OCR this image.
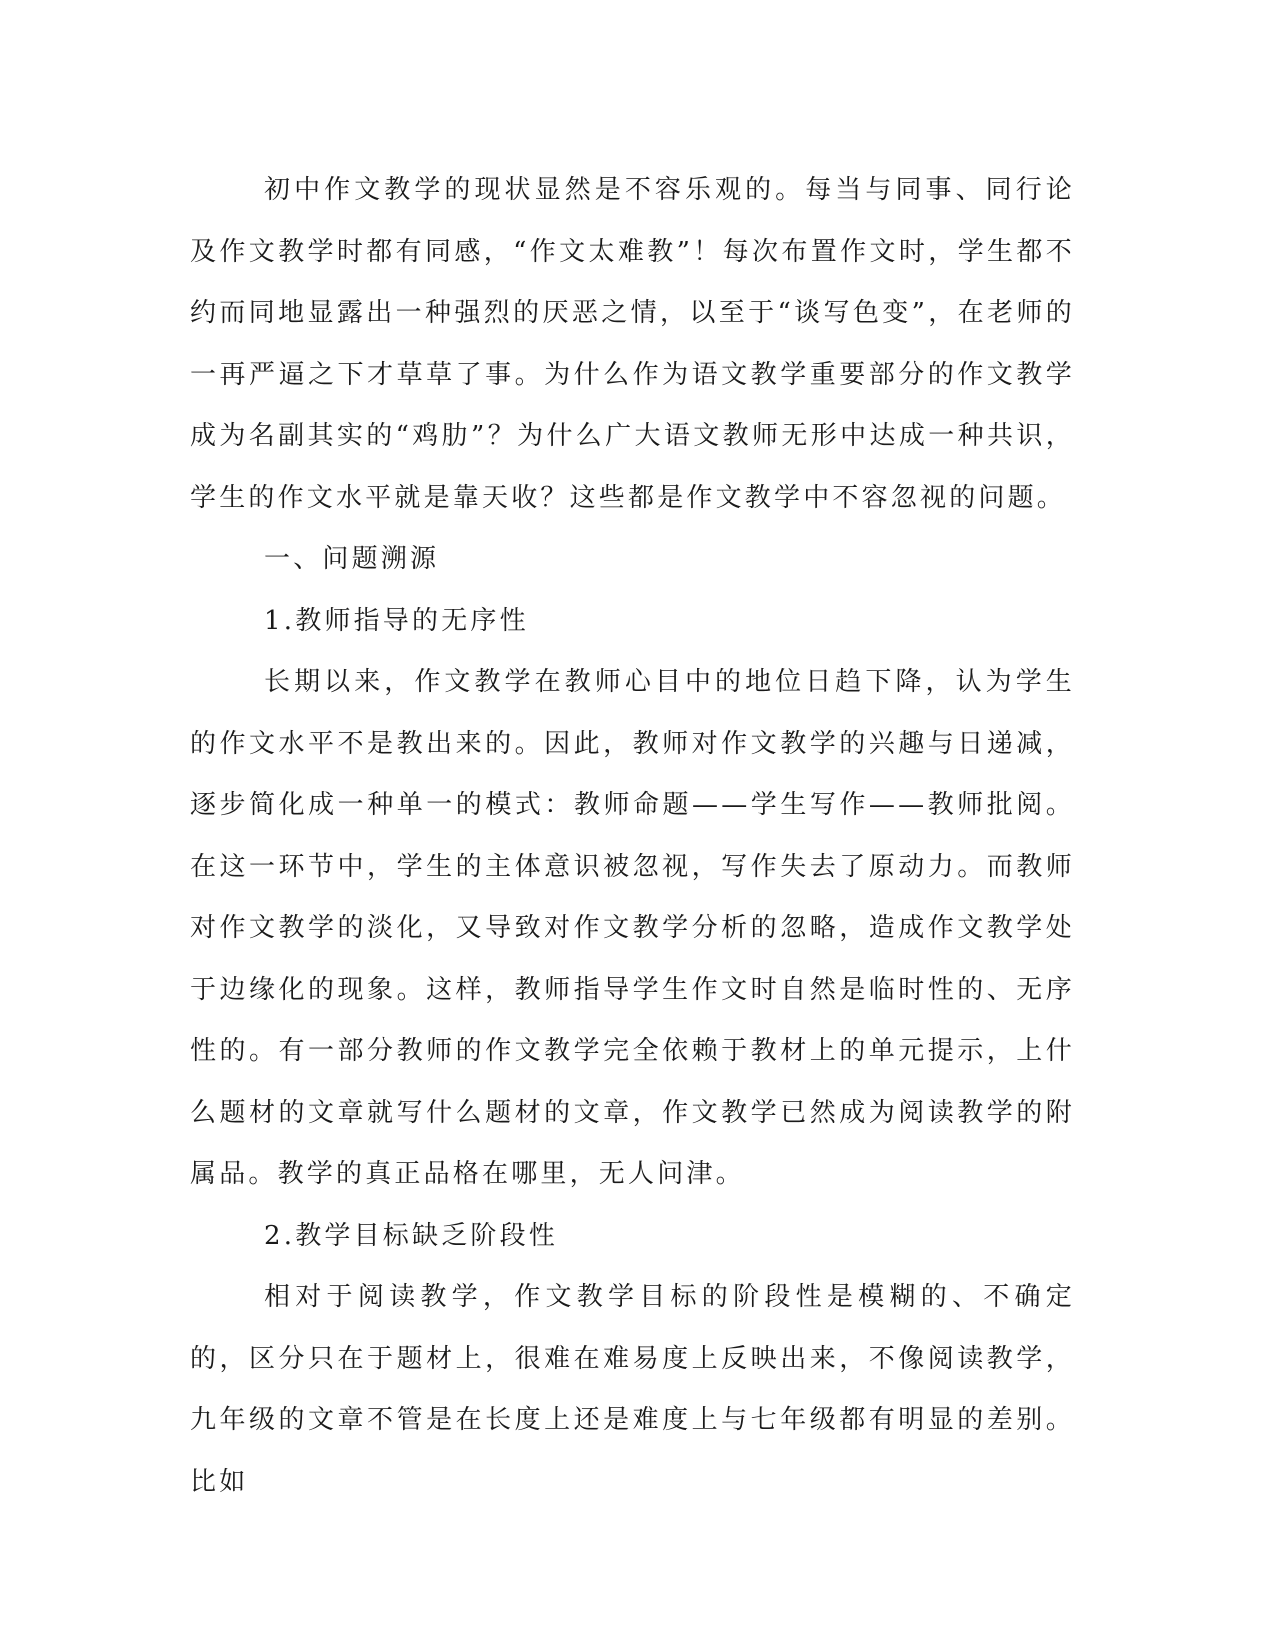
初中作文教学的现状显然是不容乐观的。每当与同事、同行论及作文教学时都有同感，“作文太难教”！每次布置作文时，学生都不约而同地显露出一种强烈的厌恶之情，以至于“谈写色变”，在老师的一再严逼之下才草草了事。为什么作为语文教学重要部分的作文教学成为名副其实的“鸡肋”？为什么广大语文教师无形中达成一种共识，学生的作文水平就是靠天收？这些都是作文教学中不容忽视的问题。

一、问题溯源

1.教师指导的无序性

长期以来，作文教学在教师心目中的地位日趋下降，认为学生的作文水平不是教出来的。因此，教师对作文教学的兴趣与日递减，逐步简化成一种单一的模式：教师命题——学生写作——教师批阅。在这一环节中，学生的主体意识被忽视，写作失去了原动力。而教师对作文教学的淡化，又导致对作文教学分析的忽略，造成作文教学处于边缘化的现象。这样，教师指导学生作文时自然是临时性的、无序性的。有一部分教师的作文教学完全依赖于教材上的单元提示，上什么题材的文章就写什么题材的文章，作文教学已然成为阅读教学的附属品。教学的真正品格在哪里，无人问津。

2.教学目标缺乏阶段性

相对于阅读教学，作文教学目标的阶段性是模糊的、不确定的，区分只在于题材上，很难在难易度上反映出来，不像阅读教学，九年级的文章不管是在长度上还是难度上与七年级都有明显的差别。比如
